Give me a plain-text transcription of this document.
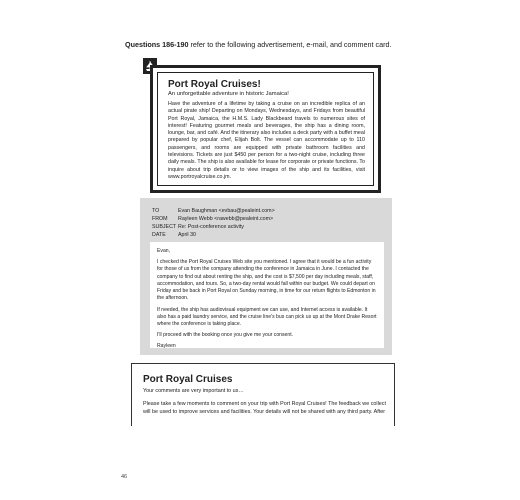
Questions 186-190 refer to the following advertisement, e-mail, and comment card.
Port Royal Cruises!
An unforgettable adventure in historic Jamaica!
Have the adventure of a lifetime by taking a cruise on an incredible replica of an actual pirate ship! Departing on Mondays, Wednesdays, and Fridays from beautiful Port Royal, Jamaica, the H.M.S. Lady Blackbeard travels to numerous sites of interest! Featuring gourmet meals and beverages, the ship has a dining room, lounge, bar, and café. And the itinerary also includes a deck party with a buffet meal prepared by popular chef, Elijah Bolt. The vessel can accommodate up to 110 passengers, and rooms are equipped with private bathroom facilities and televisions. Tickets are just $450 per person for a two-night cruise, including three daily meals. The ship is also available for lease for corporate or private functions. To inquire about trip details or to view images of the ship and its facilities, visit www.portroyalcruise.co.jm.
TO	Evan Baughman <evbau@pealeint.com>
FROM	Rayleen Webb <rawebb@pealeint.com>
SUBJECT Re: Post-conference activity
DATE	April 30

Evan,

I checked the Port Royal Cruises Web site you mentioned. I agree that it would be a fun activity for those of us from the company attending the conference in Jamaica in June. I contacted the company to find out about renting the ship, and the cost is $7,500 per day including meals, staff, accommodation, and tours. So, a two-day rental would fall within our budget. We could depart on Friday and be back in Port Royal on Sunday morning, in time for our return flights to Edmonton in the afternoon.

If needed, the ship has audiovisual equipment we can use, and Internet access is available. It also has a paid laundry service, and the cruise line's bus can pick us up at the Mont Drake Resort where the conference is taking place.

I'll proceed with the booking once you give me your consent.

Rayleen

Port Royal Cruises
Your comments are very important to us…
Please take a few moments to comment on your trip with Port Royal Cruises! The feedback we collect will be used to improve services and facilities. Your details will not be shared with any third party. After
46
